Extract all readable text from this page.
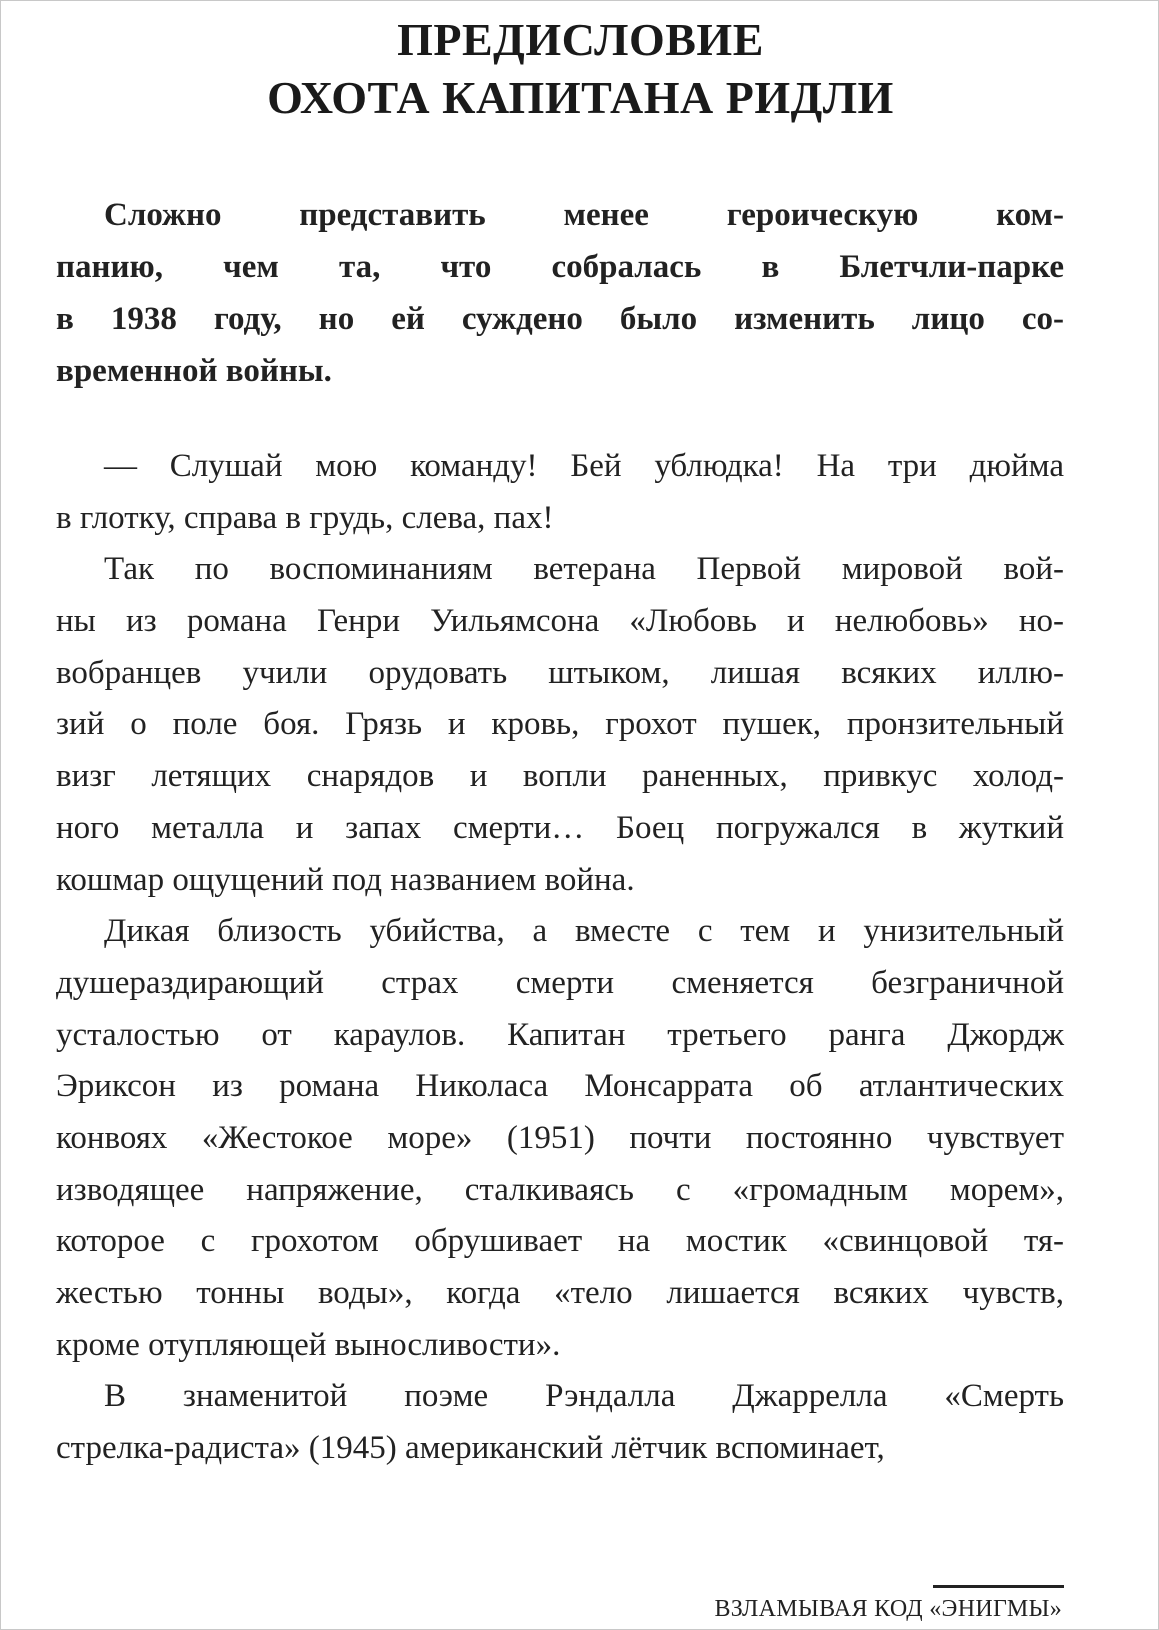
ПРЕДИСЛОВИЕ
ОХОТА КАПИТАНА РИДЛИ
Сложно представить менее героическую ком-
панию, чем та, что собралась в Блетчли-парке
в 1938 году, но ей суждено было изменить лицо со-
временной войны.
— Слушай мою команду! Бей ублюдка! На три дюйма
в глотку, справа в грудь, слева, пах!
Так по воспоминаниям ветерана Первой мировой вой-
ны из романа Генри Уильямсона «Любовь и нелюбовь» но-
вобранцев учили орудовать штыком, лишая всяких иллю-
зий о поле боя. Грязь и кровь, грохот пушек, пронзительный
визг летящих снарядов и вопли раненных, привкус холод-
ного металла и запах смерти… Боец погружался в жуткий
кошмар ощущений под названием война.
Дикая близость убийства, а вместе с тем и унизительный
душераздирающий страх смерти сменяется безграничной
усталостью от караулов. Капитан третьего ранга Джордж
Эриксон из романа Николаса Монсаррата об атлантических
конвоях «Жестокое море» (1951) почти постоянно чувствует
изводящее напряжение, сталкиваясь с «громадным морем»,
которое с грохотом обрушивает на мостик «свинцовой тя-
жестью тонны воды», когда «тело лишается всяких чувств,
кроме отупляющей выносливости».
В знаменитой поэме Рэндалла Джаррелла «Смерть
стрелка-радиста» (1945) американский лётчик вспоминает,
ВЗЛАМЫВАЯ КОД «ЭНИГМЫ»
